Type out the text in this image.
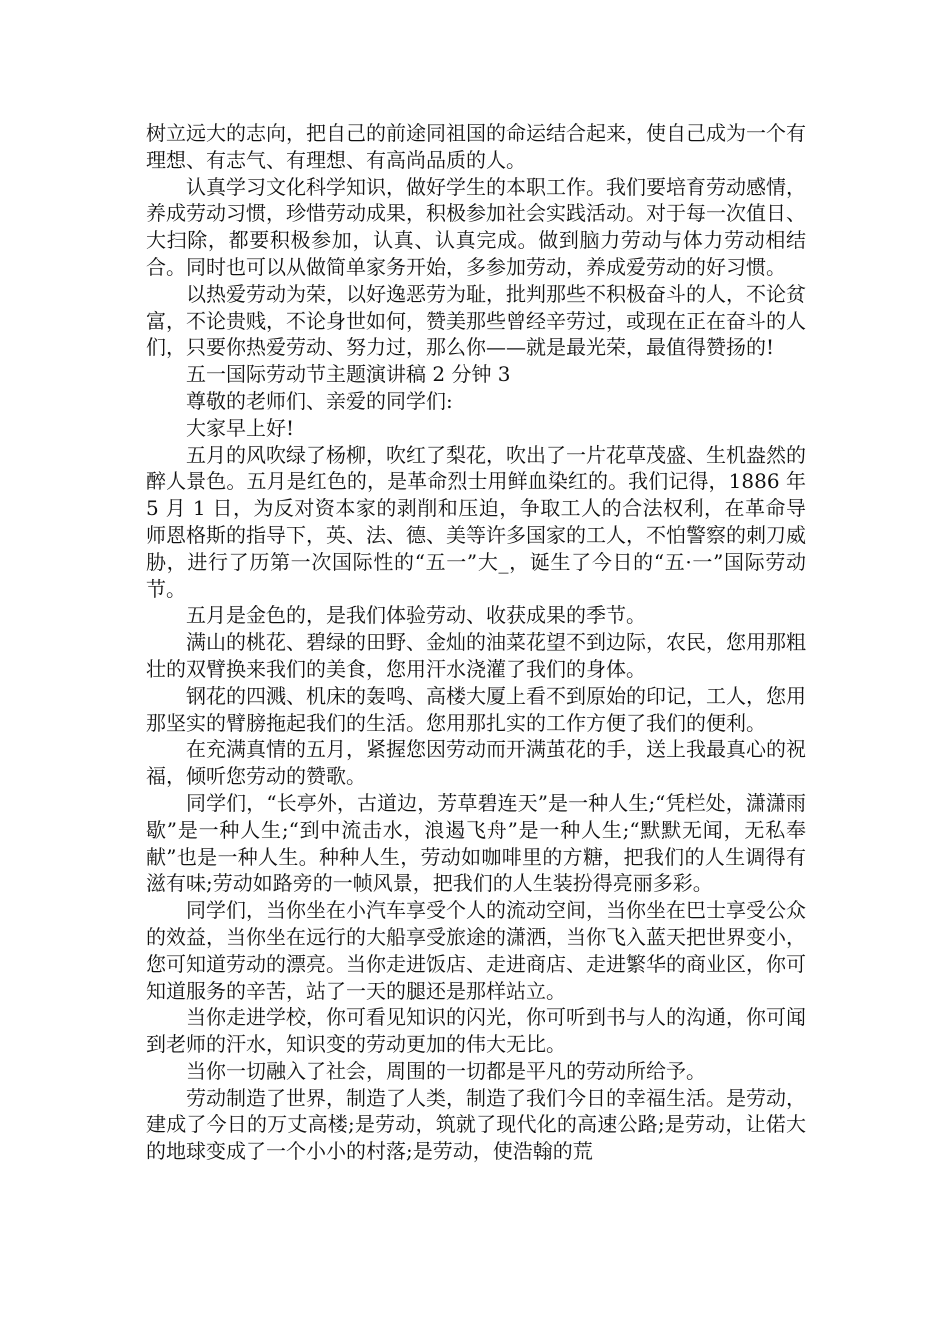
树立远大的志向，把自己的前途同祖国的命运结合起来，使自己成为一个有理想、有志气、有理想、有高尚品质的人。

认真学习文化科学知识，做好学生的本职工作。我们要培育劳动感情，养成劳动习惯，珍惜劳动成果，积极参加社会实践活动。对于每一次值日、大扫除，都要积极参加，认真、认真完成。做到脑力劳动与体力劳动相结合。同时也可以从做简单家务开始，多参加劳动，养成爱劳动的好习惯。

以热爱劳动为荣，以好逸恶劳为耻，批判那些不积极奋斗的人，不论贫富，不论贵贱，不论身世如何，赞美那些曾经辛劳过，或现在正在奋斗的人们，只要你热爱劳动、努力过，那么你——就是最光荣，最值得赞扬的!

五一国际劳动节主题演讲稿 2 分钟 3

尊敬的老师们、亲爱的同学们:

大家早上好!

五月的风吹绿了杨柳，吹红了梨花，吹出了一片花草茂盛、生机盎然的醉人景色。五月是红色的，是革命烈士用鲜血染红的。我们记得，1886 年 5 月 1 日，为反对资本家的剥削和压迫，争取工人的合法权利，在革命导师恩格斯的指导下，英、法、德、美等许多国家的工人，不怕警察的刺刀威胁，进行了历第一次国际性的“五一”大_，诞生了今日的“五·一”国际劳动节。

五月是金色的，是我们体验劳动、收获成果的季节。

满山的桃花、碧绿的田野、金灿的油菜花望不到边际，农民，您用那粗壮的双臂换来我们的美食，您用汗水浇灌了我们的身体。

钢花的四溅、机床的轰鸣、高楼大厦上看不到原始的印记，工人，您用那坚实的臂膀拖起我们的生活。您用那扎实的工作方便了我们的便利。

在充满真情的五月，紧握您因劳动而开满茧花的手，送上我最真心的祝福，倾听您劳动的赞歌。

同学们，“长亭外，古道边，芳草碧连天”是一种人生;“凭栏处，潇潇雨歇”是一种人生;“到中流击水，浪遏飞舟”是一种人生;“默默无闻，无私奉献”也是一种人生。种种人生，劳动如咖啡里的方糖，把我们的人生调得有滋有味;劳动如路旁的一帧风景，把我们的人生装扮得亮丽多彩。

同学们，当你坐在小汽车享受个人的流动空间，当你坐在巴士享受公众的效益，当你坐在远行的大船享受旅途的潇洒，当你飞入蓝天把世界变小，您可知道劳动的漂亮。当你走进饭店、走进商店、走进繁华的商业区，你可知道服务的辛苦，站了一天的腿还是那样站立。

当你走进学校，你可看见知识的闪光，你可听到书与人的沟通，你可闻到老师的汗水，知识变的劳动更加的伟大无比。

当你一切融入了社会，周围的一切都是平凡的劳动所给予。

劳动制造了世界，制造了人类，制造了我们今日的幸福生活。是劳动，建成了今日的万丈高楼;是劳动，筑就了现代化的高速公路;是劳动，让偌大的地球变成了一个小小的村落;是劳动，使浩翰的荒
